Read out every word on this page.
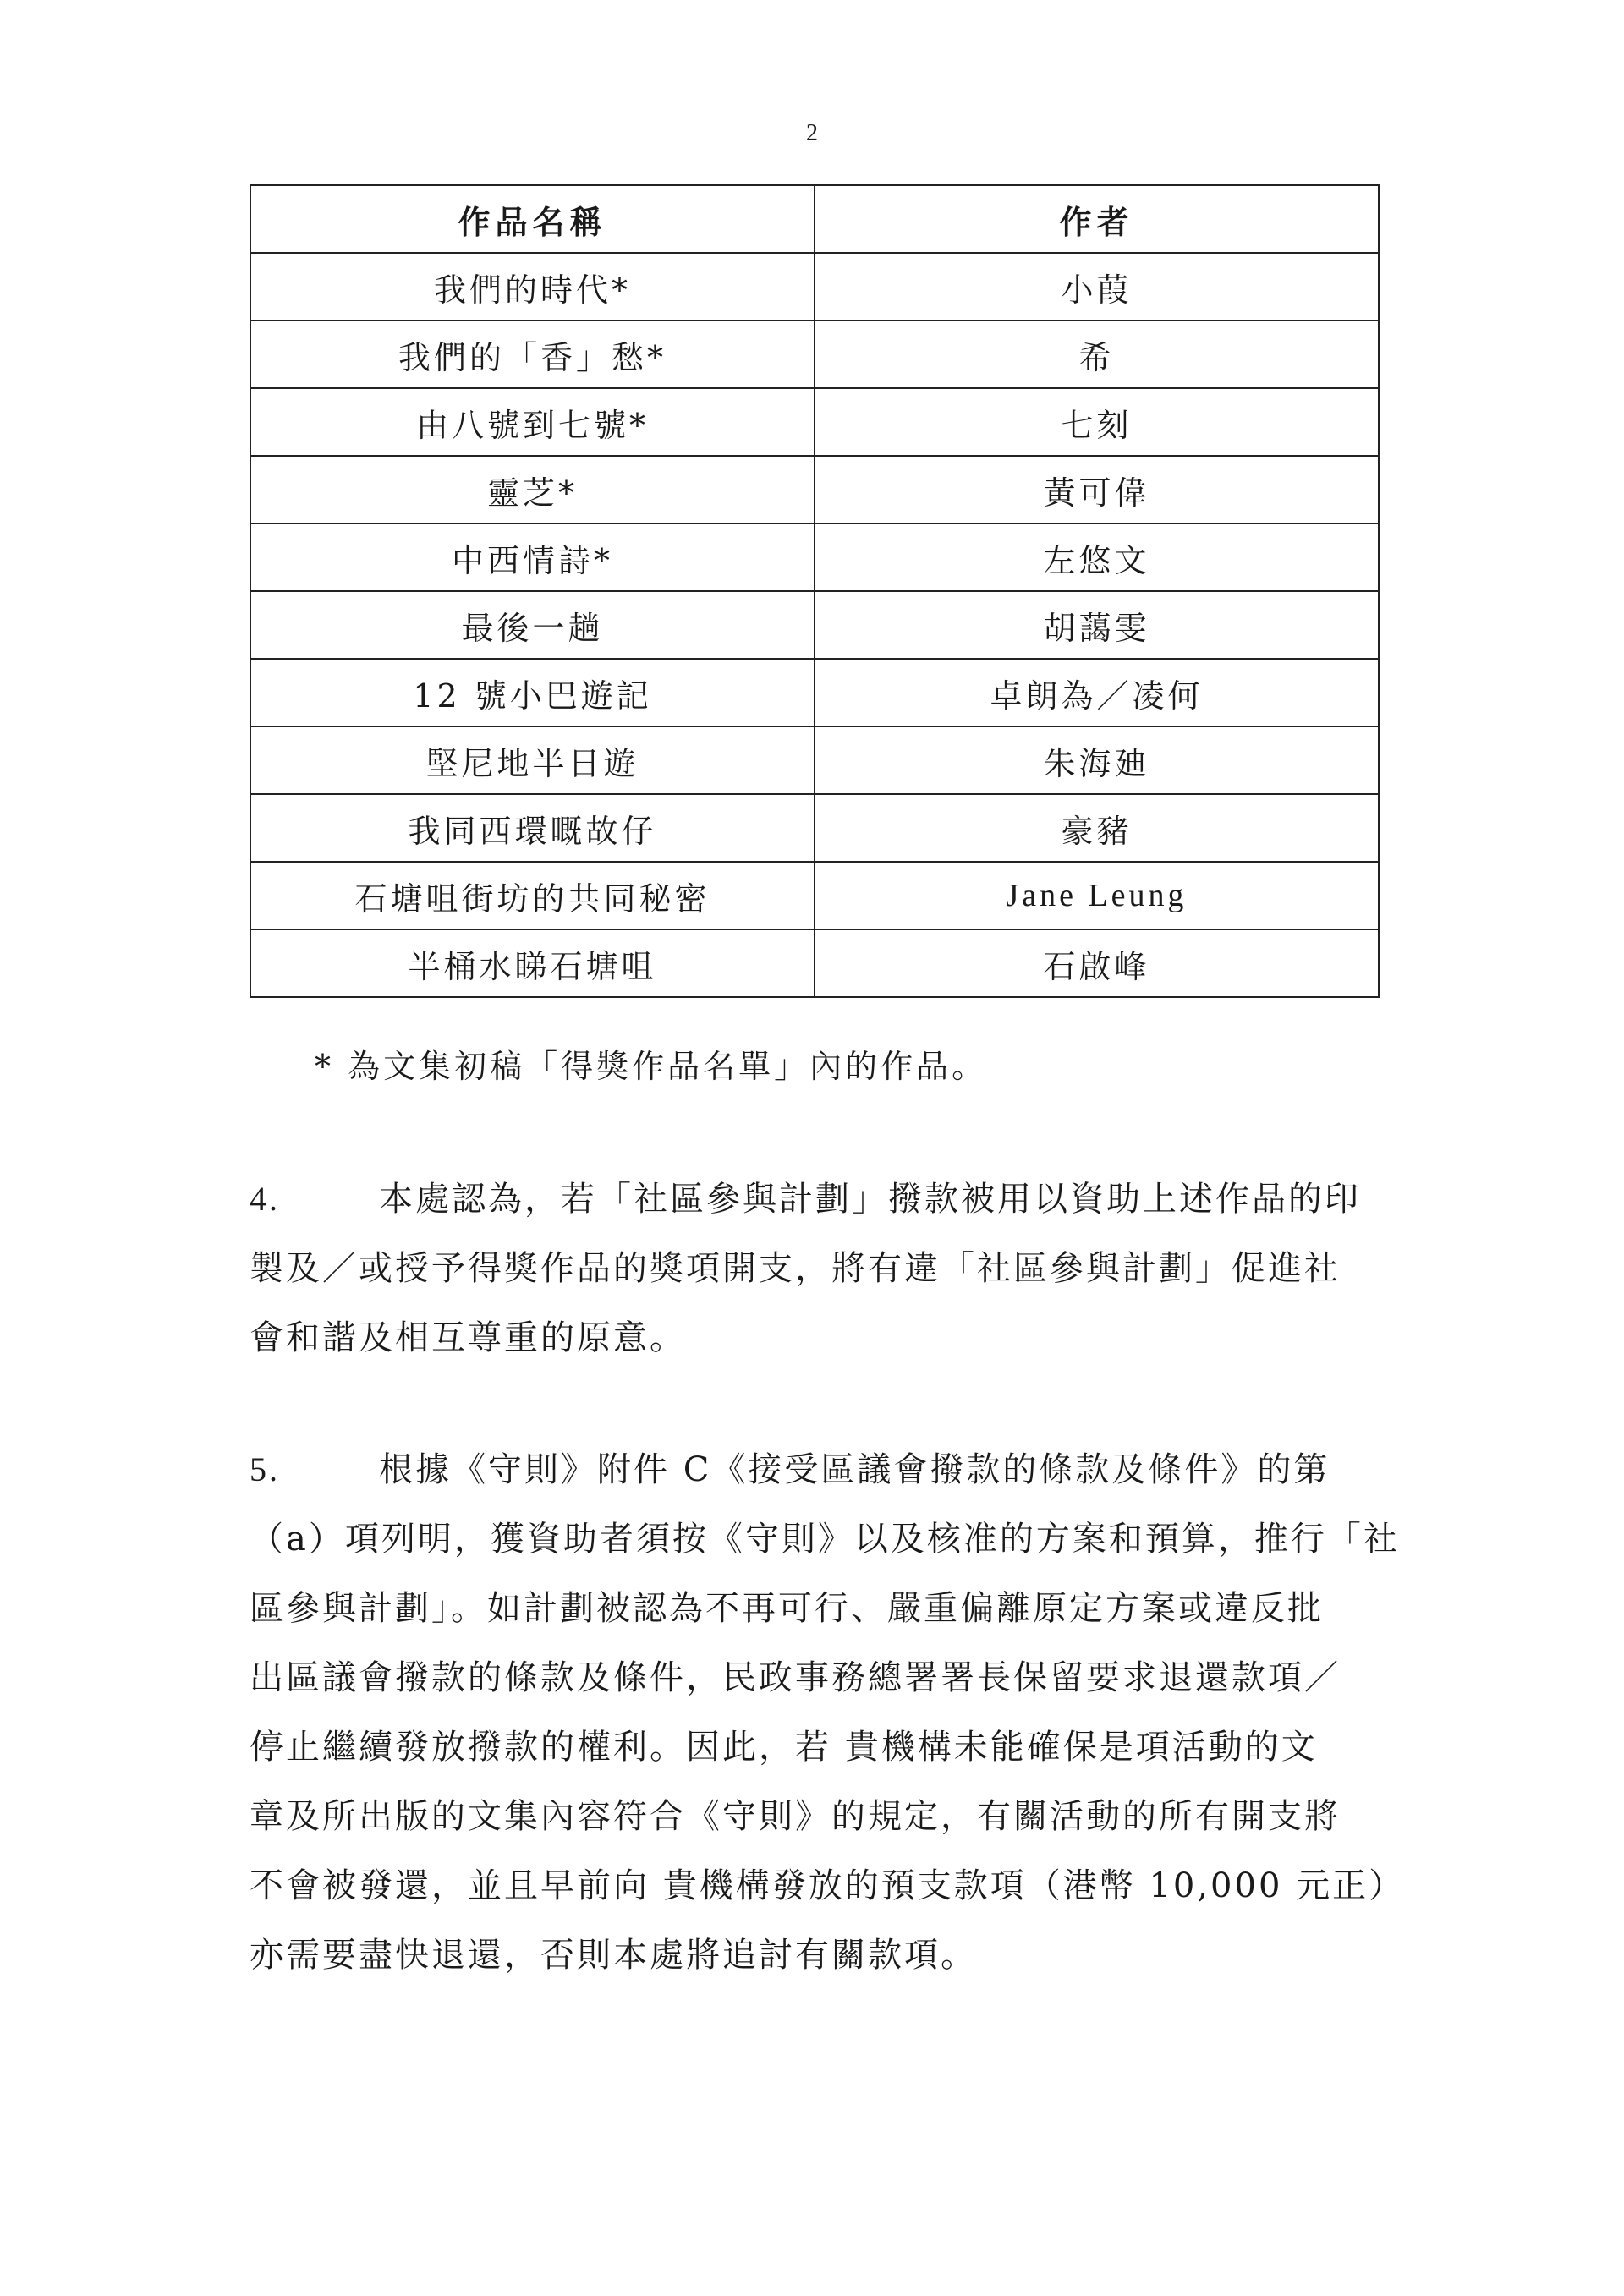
2
作品名稱	作者
我們的時代*	小葭
我們的「香」愁*	希
由八號到七號*	七刻
靈芝*	黃可偉
中西情詩*	左悠文
最後一趟	胡藹雯
12 號小巴遊記	卓朗為／凌何
堅尼地半日遊	朱海廸
我同西環嘅故仔	豪豬
石塘咀街坊的共同秘密	Jane Leung
半桶水睇石塘咀	石啟峰
* 為文集初稿「得獎作品名單」內的作品。
4.	本處認為，若「社區參與計劃」撥款被用以資助上述作品的印
製及／或授予得獎作品的獎項開支，將有違「社區參與計劃」促進社
會和諧及相互尊重的原意。
5.	根據《守則》附件 C《接受區議會撥款的條款及條件》的第
（a）項列明，獲資助者須按《守則》以及核准的方案和預算，推行「社
區參與計劃」。如計劃被認為不再可行、嚴重偏離原定方案或違反批
出區議會撥款的條款及條件，民政事務總署署長保留要求退還款項／
停止繼續發放撥款的權利。因此，若 貴機構未能確保是項活動的文
章及所出版的文集內容符合《守則》的規定，有關活動的所有開支將
不會被發還，並且早前向 貴機構發放的預支款項（港幣 10,000 元正）
亦需要盡快退還，否則本處將追討有關款項。
